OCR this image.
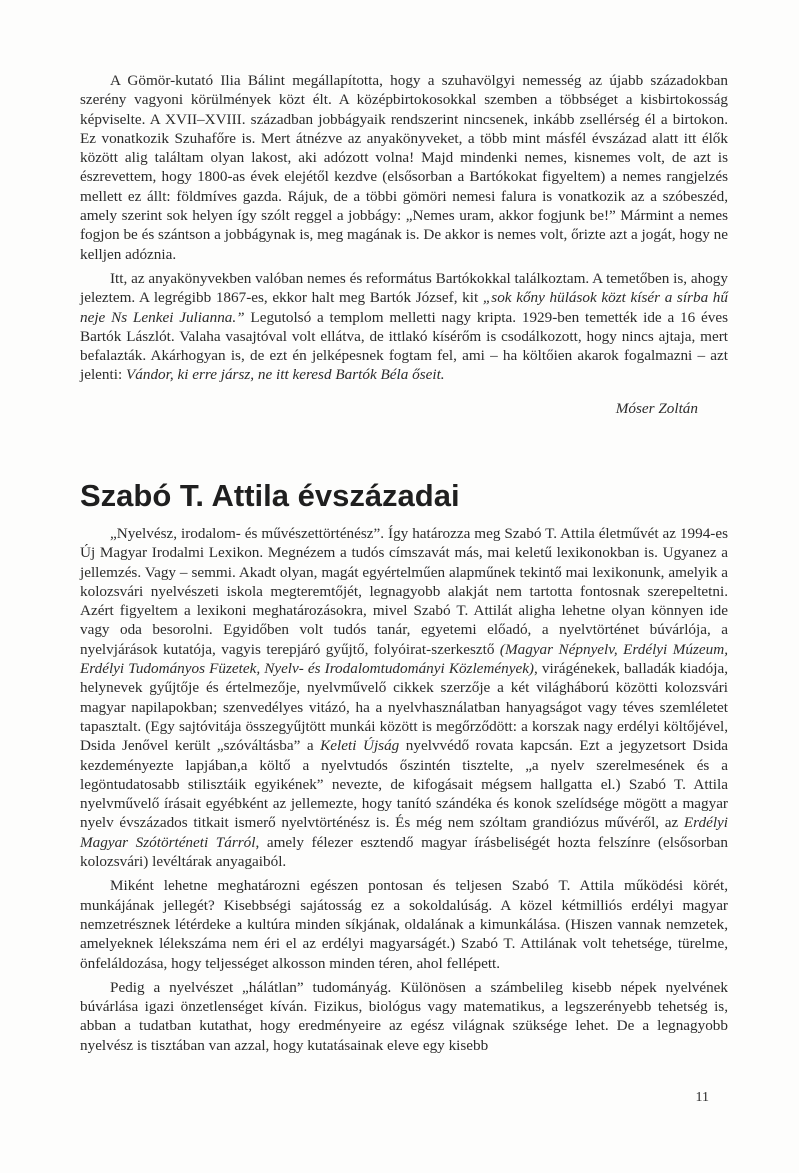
A Gömör-kutató Ilia Bálint megállapította, hogy a szuhavölgyi nemesség az újabb századokban szerény vagyoni körülmények közt élt. A középbirtokosokkal szemben a többséget a kisbirtokosság képviselte. A XVII–XVIII. században jobbágyaik rendszerint nincsenek, inkább zsellérség él a birtokon. Ez vonatkozik Szuhafőre is. Mert átnézve az anyakönyveket, a több mint másfél évszázad alatt itt élők között alig találtam olyan lakost, aki adózott volna! Majd mindenki nemes, kisnemes volt, de azt is észrevettem, hogy 1800-as évek elejétől kezdve (elsősorban a Bartókokat figyeltem) a nemes rangjelzés mellett ez állt: földmíves gazda. Rájuk, de a többi gömöri nemesi falura is vonatkozik az a szóbeszéd, amely szerint sok helyen így szólt reggel a jobbágy: „Nemes uram, akkor fogjunk be!” Mármint a nemes fogjon be és szántson a jobbágynak is, meg magának is. De akkor is nemes volt, őrizte azt a jogát, hogy ne kelljen adóznia.

Itt, az anyakönyvekben valóban nemes és református Bartókokkal találkoztam. A temetőben is, ahogy jeleztem. A legrégibb 1867-es, ekkor halt meg Bartók József, kit „sok kőny hülások közt kísér a sírba hű neje Ns Lenkei Julianna.” Legutolsó a templom melletti nagy kripta. 1929-ben temették ide a 16 éves Bartók Lászlót. Valaha vasajtóval volt ellátva, de ittlakó kísérőm is csodálkozott, hogy nincs ajtaja, mert befalazták. Akárhogyan is, de ezt én jelképesnek fogtam fel, ami – ha költőien akarok fogalmazni – azt jelenti: Vándor, ki erre jársz, ne itt keresd Bartók Béla őseit.

Móser Zoltán

Szabó T. Attila évszázadai

„Nyelvész, irodalom- és művészettörténész”. Így határozza meg Szabó T. Attila életművét az 1994-es Új Magyar Irodalmi Lexikon. Megnézem a tudós címszavát más, mai keletű lexikonokban is. Ugyanez a jellemzés. Vagy – semmi. Akadt olyan, magát egyértelműen alapműnek tekintő mai lexikonunk, amelyik a kolozsvári nyelvészeti iskola megteremtőjét, legnagyobb alakját nem tartotta fontosnak szerepeltetni. Azért figyeltem a lexikoni meghatározásokra, mivel Szabó T. Attilát aligha lehetne olyan könnyen ide vagy oda besorolni. Egyidőben volt tudós tanár, egyetemi előadó, a nyelvtörténet búvárlója, a nyelvjárások kutatója, vagyis terepjáró gyűjtő, folyóirat-szerkesztő (Magyar Népnyelv, Erdélyi Múzeum, Erdélyi Tudományos Füzetek, Nyelv- és Irodalomtudományi Közlemények), virágénekek, balladák kiadója, helynevek gyűjtője és értelmezője, nyelvművelő cikkek szerzője a két világháború közötti kolozsvári magyar napilapokban; szenvedélyes vitázó, ha a nyelvhasználatban hanyagságot vagy téves szemléletet tapasztalt. (Egy sajtóvitája összegyűjtött munkái között is megőrződött: a korszak nagy erdélyi költőjével, Dsida Jenővel került „szóváltásba” a Keleti Újság nyelvvédő rovata kapcsán. Ezt a jegyzetsort Dsida kezdeményezte lapjában,a költő a nyelvtudós őszintén tisztelte, „a nyelv szerelmesének és a legöntudatosabb stilisztáik egyikének” nevezte, de kifogásait mégsem hallgatta el.) Szabó T. Attila nyelvművelő írásait egyébként az jellemezte, hogy tanító szándéka és konok szelídsége mögött a magyar nyelv évszázados titkait ismerő nyelvtörténész is. És még nem szóltam grandiózus művéről, az Erdélyi Magyar Szótörténeti Tárról, amely félezer esztendő magyar írásbeliségét hozta felszínre (elsősorban kolozsvári) levéltárak anyagaiból.

Miként lehetne meghatározni egészen pontosan és teljesen Szabó T. Attila működési körét, munkájának jellegét? Kisebbségi sajátosság ez a sokoldalúság. A közel kétmilliós erdélyi magyar nemzetrésznek létérdeke a kultúra minden síkjának, oldalának a kimunkálása. (Hiszen vannak nemzetek, amelyeknek lélekszáma nem éri el az erdélyi magyarságét.) Szabó T. Attilának volt tehetsége, türelme, önfeláldozása, hogy teljességet alkosson minden téren, ahol fellépett.

Pedig a nyelvészet „hálátlan” tudományág. Különösen a számbelileg kisebb népek nyelvének búvárlása igazi önzetlenséget kíván. Fizikus, biológus vagy matematikus, a legszerényebb tehetség is, abban a tudatban kutathat, hogy eredményeire az egész világnak szüksége lehet. De a legnagyobb nyelvész is tisztában van azzal, hogy kutatásainak eleve egy kisebb

11
